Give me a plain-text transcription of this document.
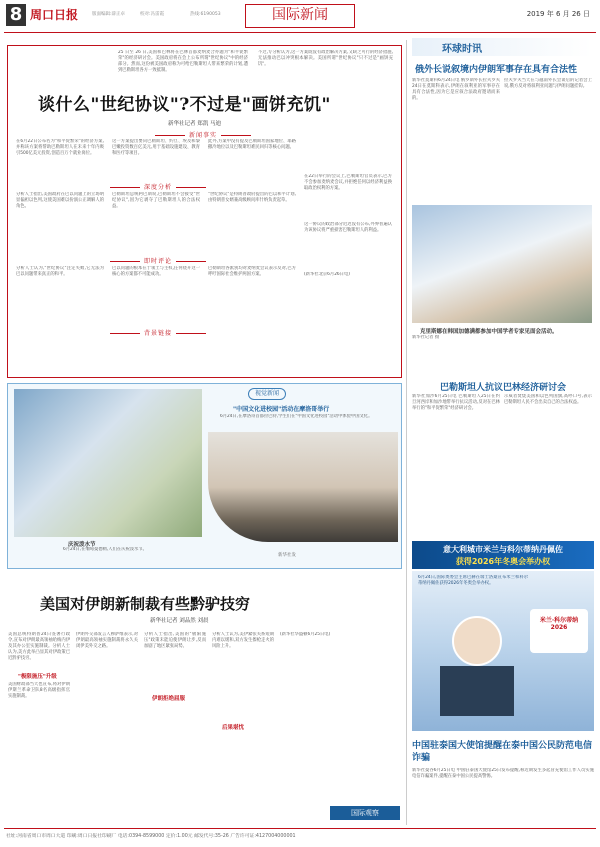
8 周口日报	版面编辑:薛正卓	校对:冯雷霞	热线:6190053	国际新闻	2019 年 6 月 26 日
25 日至 26 日,美国和巴林将在巴林首都麦纳麦合办题为"和平促繁荣"的经济研讨会。美国政府将在会上公布所谓"世纪协议"中的经济部分。然而,这份被美国政府称为可给巴勒斯坦人带来繁荣的计划,遭到巴勒斯坦各方一致抵制。
不过,专分析认为,这一方案既没有政治解决方案,又缺乏可行的经济措施,无法推动巴以冲突根本解决。美国所谓"世纪协议"只不过是"画饼充饥"。
谈什么"世纪协议"?不过是"画饼充饥"
新华社记者 郑凯 马迪
新闻事实
在6月22日公布名为"和平促繁荣"的经济方案,并称该方案将帮助巴勒斯坦人在未来十年内吸引500亿美元投资,创造百万个就业岗位。
这一方案提出要向巴勒斯坦、约旦、埃及和黎巴嫩投资数百亿美元,用于基础设施建设、教育和医疗等项目。
此外,方案中没有提及巴勒斯坦国家地位、耶路撒冷地位以及巴勒斯坦难民回归等核心问题。
在22日举行的会议上,巴勒斯坦官员表示,巴方不会参加麦纳麦会议,并拒绝任何以经济利益换取政治权利的方案。
深度分析
分析人士指出,美国政府在巴以问题上的立场明显偏袒以色列,这使美国难以扮演公正调解人的角色。
巴勒斯坦总统阿巴斯说,巴勒斯坦不会接受"世纪协议",因为它剥夺了巴勒斯坦人的合法权益。
"世纪协议"是特朗普政府提出的巴以和平计划,由特朗普女婿兼高级顾问库什纳负责起草。
这一协议的政治部分迟迟没有公布,外界普遍认为该协议将严重损害巴勒斯坦人的利益。
即时评论
分析人士认为,"世纪协议"注定失败,它无法为巴以问题带来真正的和平。
巴以问题的根本在于领土与主权,任何绕开这一核心的方案都不可能成功。
巴勒斯坦各派别均对麦纳麦会议表示反对,巴方呼吁国际社会维护两国方案。
背景链接
(新华社北京6月26日电)
庆祝泼水节
6月24日,在缅甸曼德勒,人们在庆祝泼水节。
视觉新闻
"中国文化进校园"活动在摩洛哥举行
6月24日,在摩洛哥首都拉巴特,学生们在"中国文化进校园"活动中体验中国文化。
新华社发
美国对伊朗新制裁有些黔驴技穷
新华社记者 刘品然 刘晨
美国总统特朗普24日签署行政令,宣布对伊朗最高领袖哈梅内伊及其办公室实施制裁。分析人士认为,美方此举凸显其对伊政策已近黔驴技穷。
"极限施压"升级
美国财政部当天也宣布,将对伊朗伊斯兰革命卫队8名高级指挥官实施制裁。
伊朗外交部发言人穆萨维表示,对伊朗最高领袖实施制裁将永久关闭伊美外交之路。
伊朗拒绝屈服
分析人士指出,美国的"极限施压"政策未能迫使伊朗让步,反而加剧了地区紧张局势。
后果堪忧
分析人士认为,美伊紧张关系短期内难以缓和,双方发生擦枪走火的风险上升。
(新华社华盛顿6月25日电)
国际观察
环球时讯
俄外长说叙境内伊朗军事存在具有合法性
新华社莫斯科6月24日电 俄罗斯外长拉夫罗夫24日在莫斯科表示,伊朗在叙利亚的军事存在具有合法性,因为它是应叙合法政府邀请而来的。
拉夫罗夫当天在与越南外长会谈后的记者会上说,俄方反对将叙利亚问题与伊朗问题挂钩。
克里斯娜在韩国加德满都参加中国学者专家见面会活动。
新华社记者 摄
巴勒斯坦人抗议巴林经济研讨会
新华社加沙6月25日电 巴勒斯坦人25日在约旦河西岸和加沙地带举行抗议活动,反对在巴林举行的"和平促繁荣"经济研讨会。
示威者焚烧美国和以色列国旗,高呼口号,表示巴勒斯坦人民不会出卖自己的合法权益。
意大利城市米兰与科尔蒂纳丹佩佐
获得2026年冬奥会举办权
6月24日,国际奥委会主席巴赫在瑞士洛桑宣布米兰和科尔蒂纳丹佩佐获得2026年冬奥会举办权。
米兰·科尔蒂纳
2026
中国驻泰国大使馆提醒在泰中国公民防范电信诈骗
新华社曼谷6月25日电 中国驻泰国大使馆25日发布提醒,称近期发生多起冒充使馆工作人员实施电信诈骗案件,提醒在泰中国公民提高警惕。
社址:河南省周口市周口大道 印刷:周口日报社印刷厂 电话:0394-8599000 定价:1.00元 邮发代号:35-26 广告许可证:4127004000001
